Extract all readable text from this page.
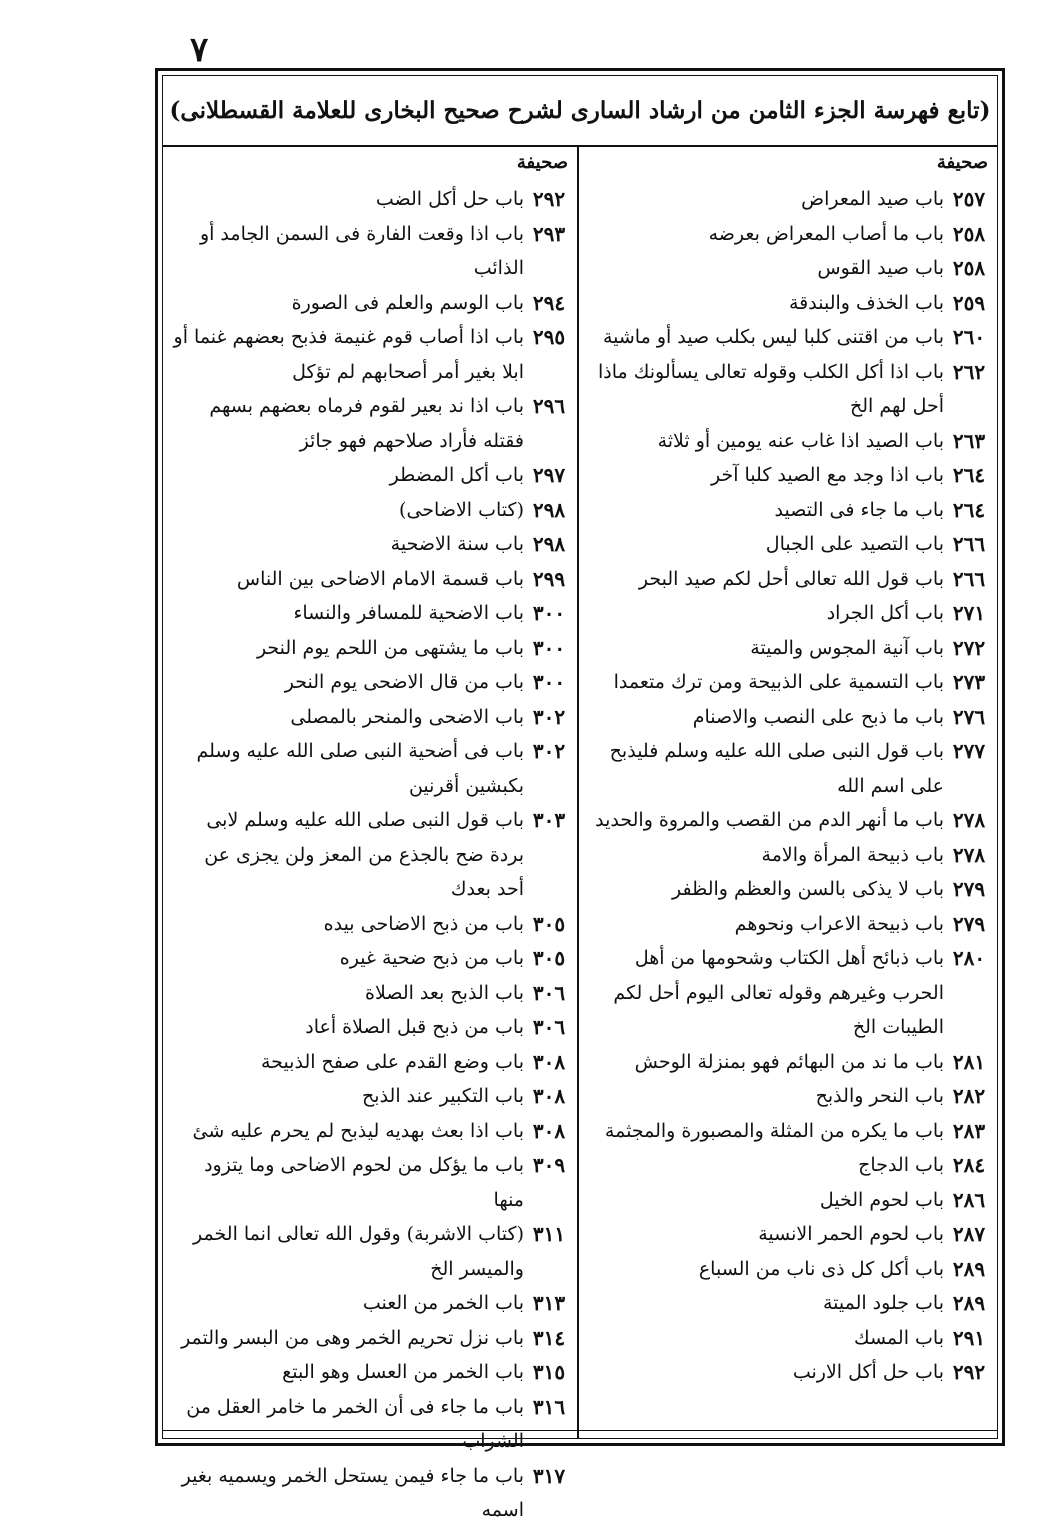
٧
(تابع فهرسة الجزء الثامن من ارشاد السارى لشرح صحيح البخارى للعلامة القسطلانى)
صحيفة
٢٥٧
باب صيد المعراض
٢٥٨
باب ما أصاب المعراض بعرضه
٢٥٨
باب صيد القوس
٢٥٩
باب الخذف والبندقة
٢٦٠
باب من اقتنى كلبا ليس بكلب صيد أو ماشية
٢٦٢
باب اذا أكل الكلب وقوله تعالى يسألونك ماذا أحل لهم الخ
٢٦٣
باب الصيد اذا غاب عنه يومين أو ثلاثة
٢٦٤
باب اذا وجد مع الصيد كلبا آخر
٢٦٤
باب ما جاء فى التصيد
٢٦٦
باب التصيد على الجبال
٢٦٦
باب قول الله تعالى أحل لكم صيد البحر
٢٧١
باب أكل الجراد
٢٧٢
باب آنية المجوس والميتة
٢٧٣
باب التسمية على الذبيحة ومن ترك متعمدا
٢٧٦
باب ما ذبح على النصب والاصنام
٢٧٧
باب قول النبى صلى الله عليه وسلم فليذبح على اسم الله
٢٧٨
باب ما أنهر الدم من القصب والمروة والحديد
٢٧٨
باب ذبيحة المرأة والامة
٢٧٩
باب لا يذكى بالسن والعظم والظفر
٢٧٩
باب ذبيحة الاعراب ونحوهم
٢٨٠
باب ذبائح أهل الكتاب وشحومها من أهل الحرب وغيرهم وقوله تعالى اليوم أحل لكم الطيبات الخ
٢٨١
باب ما ند من البهائم فهو بمنزلة الوحش
٢٨٢
باب النحر والذبح
٢٨٣
باب ما يكره من المثلة والمصبورة والمجثمة
٢٨٤
باب الدجاج
٢٨٦
باب لحوم الخيل
٢٨٧
باب لحوم الحمر الانسية
٢٨٩
باب أكل كل ذى ناب من السباع
٢٨٩
باب جلود الميتة
٢٩١
باب المسك
٢٩٢
باب حل أكل الارنب
صحيفة
٢٩٢
باب حل أكل الضب
٢٩٣
باب اذا وقعت الفارة فى السمن الجامد أو الذائب
٢٩٤
باب الوسم والعلم فى الصورة
٢٩٥
باب اذا أصاب قوم غنيمة فذبح بعضهم غنما أو ابلا بغير أمر أصحابهم لم تؤكل
٢٩٦
باب اذا ند بعير لقوم فرماه بعضهم بسهم فقتله فأراد صلاحهم فهو جائز
٢٩٧
باب أكل المضطر
٢٩٨
(كتاب الاضاحى)
٢٩٨
باب سنة الاضحية
٢٩٩
باب قسمة الامام الاضاحى بين الناس
٣٠٠
باب الاضحية للمسافر والنساء
٣٠٠
باب ما يشتهى من اللحم يوم النحر
٣٠٠
باب من قال الاضحى يوم النحر
٣٠٢
باب الاضحى والمنحر بالمصلى
٣٠٢
باب فى أضحية النبى صلى الله عليه وسلم بكبشين أقرنين
٣٠٣
باب قول النبى صلى الله عليه وسلم لابى بردة ضح بالجذع من المعز ولن يجزى عن أحد بعدك
٣٠٥
باب من ذبح الاضاحى بيده
٣٠٥
باب من ذبح ضحية غيره
٣٠٦
باب الذبح بعد الصلاة
٣٠٦
باب من ذبح قبل الصلاة أعاد
٣٠٨
باب وضع القدم على صفح الذبيحة
٣٠٨
باب التكبير عند الذبح
٣٠٨
باب اذا بعث بهديه ليذبح لم يحرم عليه شئ
٣٠٩
باب ما يؤكل من لحوم الاضاحى وما يتزود منها
٣١١
(كتاب الاشربة) وقول الله تعالى انما الخمر والميسر الخ
٣١٣
باب الخمر من العنب
٣١٤
باب نزل تحريم الخمر وهى من البسر والتمر
٣١٥
باب الخمر من العسل وهو البتع
٣١٦
باب ما جاء فى أن الخمر ما خامر العقل من الشراب
٣١٧
باب ما جاء فيمن يستحل الخمر ويسميه بغير اسمه
